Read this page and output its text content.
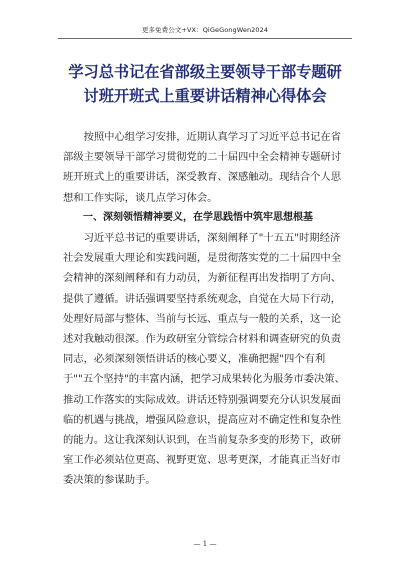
更多免费公文+VX：QiGeGongWen2024
学习总书记在省部级主要领导干部专题研
讨班开班式上重要讲话精神心得体会

　　按照中心组学习安排，近期认真学习了习近平总书记在省
部级主要领导干部学习贯彻党的二十届四中全会精神专题研讨
班开班式上的重要讲话，深受教育、深感触动。现结合个人思
想和工作实际，谈几点学习体会。

　　一、深刻领悟精神要义，在学思践悟中筑牢思想根基

　　习近平总书记的重要讲话，深刻阐释了"十五五"时期经济
社会发展重大理论和实践问题，是贯彻落实党的二十届四中全
会精神的深刻阐释和有力动员，为新征程再出发指明了方向、
提供了遵循。讲话强调要坚持系统观念，自觉在大局下行动，
处理好局部与整体、当前与长远、重点与一般的关系，这一论
述对我触动很深。作为政研室分管综合材料和调查研究的负责
同志，必须深刻领悟讲话的核心要义，准确把握"四个有利
于""五个坚持"的丰富内涵，把学习成果转化为服务市委决策、
推动工作落实的实际成效。讲话还特别强调要充分认识发展面
临的机遇与挑战，增强风险意识，提高应对不确定性和复杂性
的能力。这让我深刻认识到，在当前复杂多变的形势下，政研
室工作必须站位更高、视野更宽、思考更深，才能真正当好市
委决策的参谋助手。

— 1 —
